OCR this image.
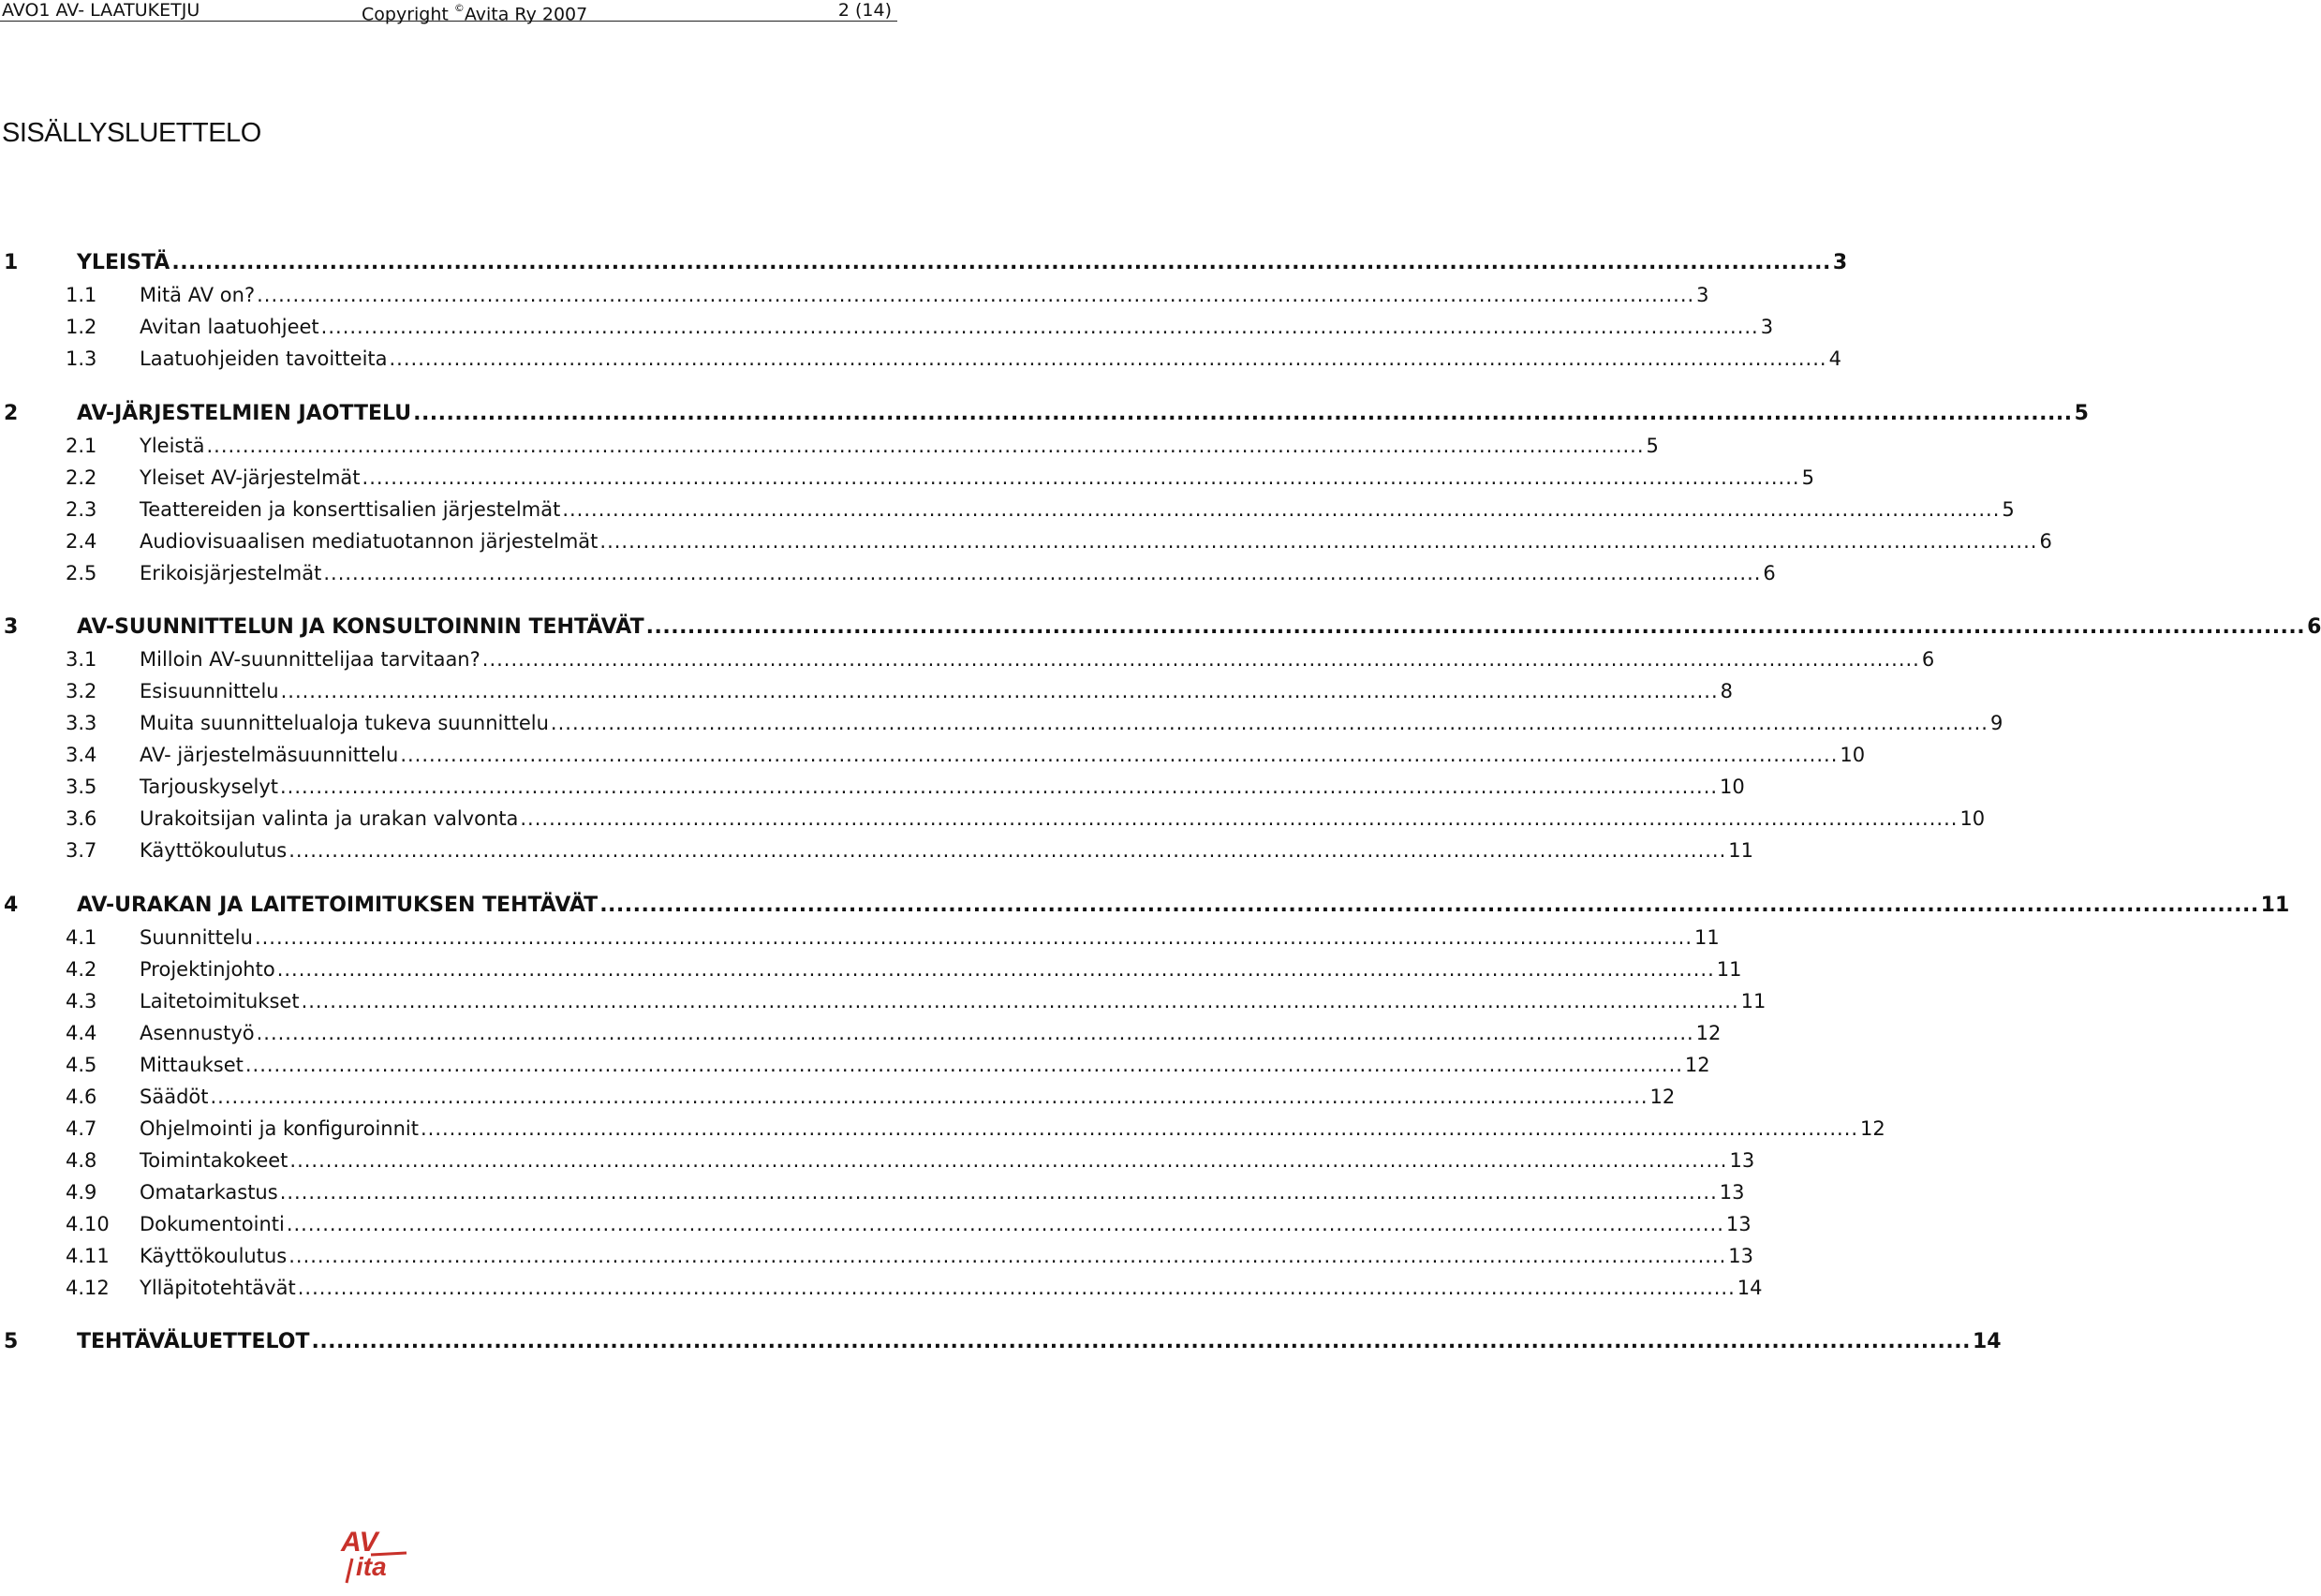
AVO1 AV- LAATUKETJU	Copyright ©Avita Ry 2007	2 (14)
SISÄLLYSLUETTELO
1	YLEISTÄ .....	3
1.1 Mitä AV on? .....	3
1.2 Avitan laatuohjeet .....	3
1.3 Laatuohjeiden tavoitteita .....	4
2	AV-JÄRJESTELMIEN JAOTTELU .....	5
2.1 Yleistä .....	5
2.2 Yleiset AV-järjestelmät .....	5
2.3 Teattereiden ja konserttisalien järjestelmät .....	5
2.4 Audiovisuaalisen mediatuotannon järjestelmät .....	6
2.5 Erikoisjärjestelmät .....	6
3	AV-SUUNNITTELUN JA KONSULTOINNIN TEHTÄVÄT .....	6
3.1 Milloin AV-suunnittelijaa tarvitaan? .....	6
3.2 Esisuunnittelu .....	8
3.3 Muita suunnittelualoja tukeva suunnittelu .....	9
3.4 AV- järjestelmäsuunnittelu .....	10
3.5 Tarjouskyselyt .....	10
3.6 Urakoitsijan valinta ja urakan valvonta .....	10
3.7 Käyttökoulutus .....	11
4	AV-URAKAN JA LAITETOIMITUKSEN TEHTÄVÄT .....	11
4.1 Suunnittelu .....	11
4.2 Projektinjohto .....	11
4.3 Laitetoimitukset .....	11
4.4 Asennustyö .....	12
4.5 Mittaukset .....	12
4.6 Säädöt .....	12
4.7 Ohjelmointi ja konfiguroinnit .....	12
4.8 Toimintakokeet .....	13
4.9 Omatarkastus .....	13
4.10 Dokumentointi .....	13
4.11 Käyttökoulutus .....	13
4.12 Ylläpitotehtävät .....	14
5	TEHTÄVÄLUETTELOT .....	14
AV
ita
